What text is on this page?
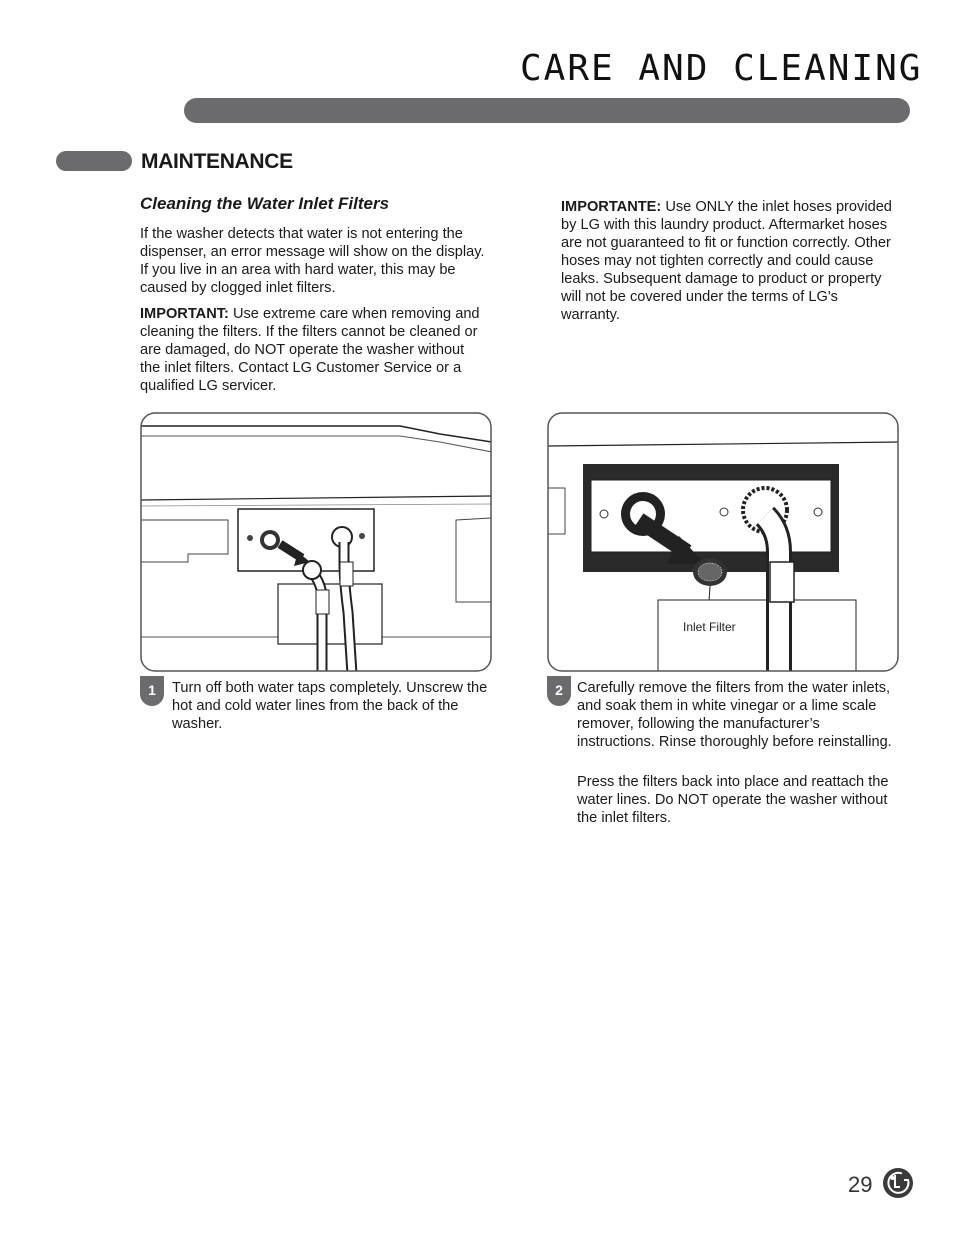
CARE AND CLEANING
MAINTENANCE
Cleaning the Water Inlet Filters
If the washer detects that water is not entering the dispenser, an error message will show on the display. If you live in an area with hard water, this may be caused by clogged inlet filters.
IMPORTANT: Use extreme care when removing and cleaning the filters. If the filters cannot be cleaned or are damaged, do NOT operate the washer without the inlet filters. Contact LG Customer Service or a qualified LG servicer.
IMPORTANTE: Use ONLY the inlet hoses provided by LG with this laundry product. Aftermarket hoses are not guaranteed to fit or function correctly. Other hoses may not tighten correctly and could cause leaks. Subsequent damage to product or property will not be covered under the terms of LG's warranty.
1	Turn off both water taps completely. Unscrew the hot and cold water lines from the back of the washer.
Inlet Filter
2 Carefully remove the filters from the water inlets, and soak them in white vinegar or a lime scale remover, following the manufacturer’s instructions. Rinse thoroughly before reinstalling.
Press the filters back into place and reattach the water lines. Do NOT operate the washer without the inlet filters.
29
